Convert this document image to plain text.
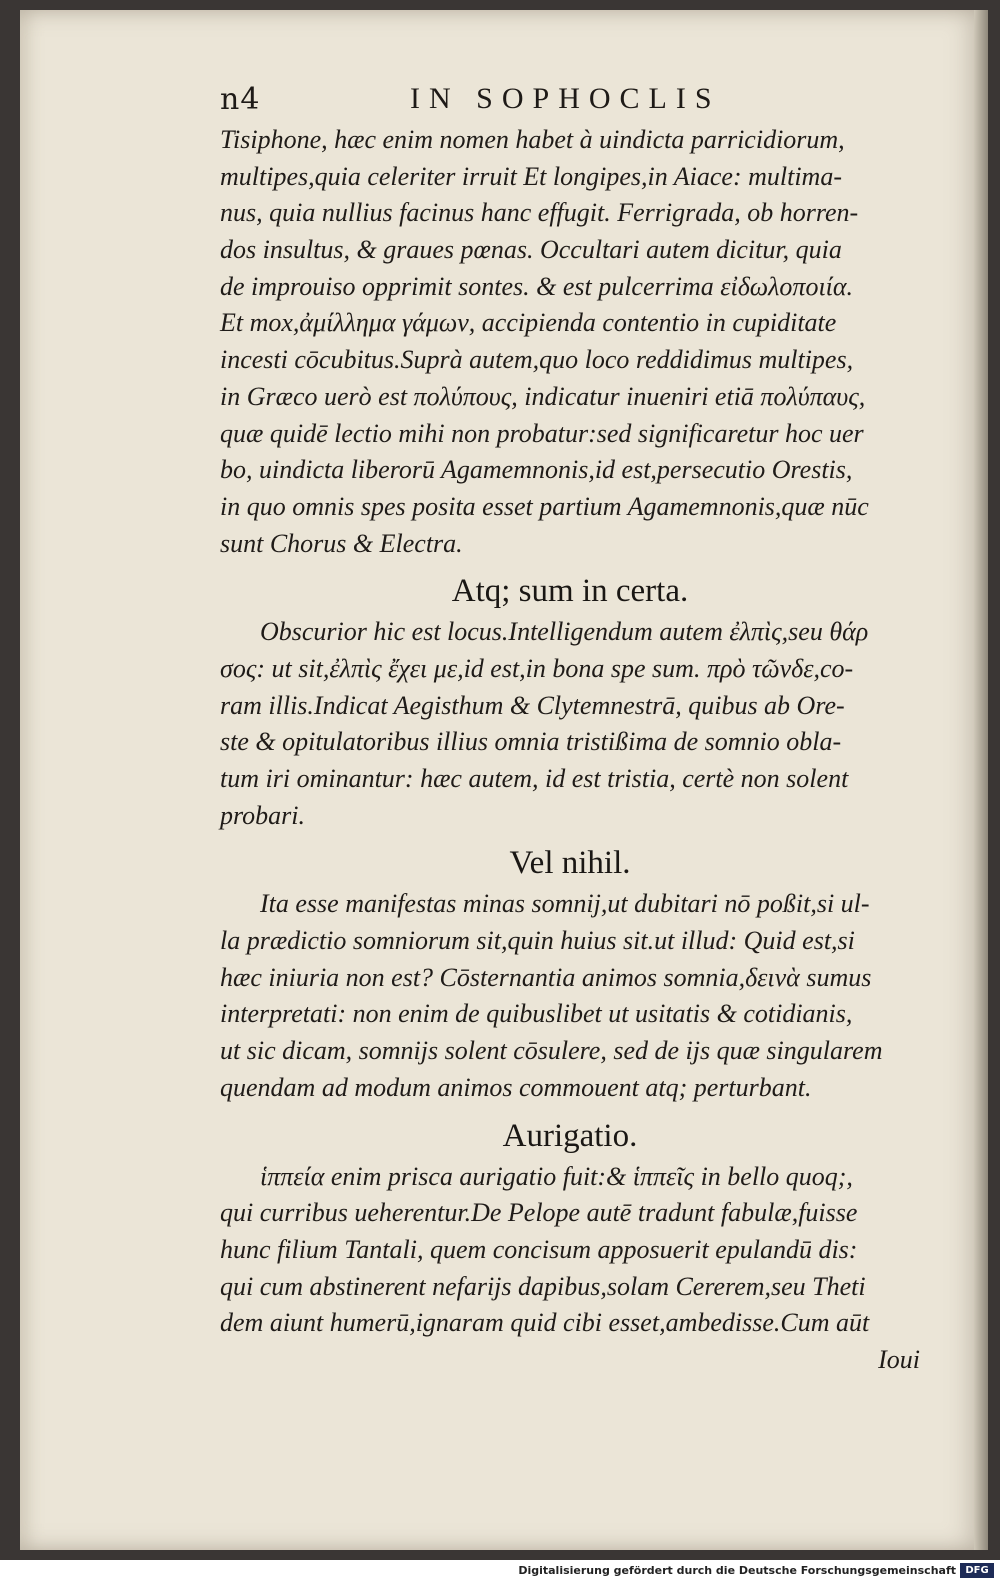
n4	IN SOPHOCLIS
Tisiphone, hæc enim nomen habet à uindicta parricidiorum,
multipes,quia celeriter irruit Et longipes,in Aiace: multima-
nus, quia nullius facinus hanc effugit. Ferrigrada, ob horren-
dos insultus, & graues pœnas. Occultari autem dicitur, quia
de improuiso opprimit sontes. & est pulcerrima εἰδωλοποιία.
Et mox,ἀμίλλημα γάμων, accipienda contentio in cupiditate
incesti cōcubitus.Suprà autem,quo loco reddidimus multipes,
in Græco uerò est πολύπους, indicatur inueniri etiā πολύπαυς,
quæ quidē lectio mihi non probatur:sed significaretur hoc uer
bo, uindicta liberorū Agamemnonis,id est,persecutio Orestis,
in quo omnis spes posita esset partium Agamemnonis,quæ nūc
sunt Chorus & Electra.
Atq; sum in certa.
Obscurior hic est locus.Intelligendum autem ἐλπὶς,seu θάρ
σος: ut sit,ἐλπὶς ἔχει με,id est,in bona spe sum. πρὸ τῶνδε,co-
ram illis.Indicat Aegisthum & Clytemnestrā, quibus ab Ore-
ste & opitulatoribus illius omnia tristißima de somnio obla-
tum iri ominantur: hæc autem, id est tristia, certè non solent
probari.
Vel nihil.
Ita esse manifestas minas somnij,ut dubitari nō poßit,si ul-
la prædictio somniorum sit,quin huius sit.ut illud: Quid est,si
hæc iniuria non est? Cōsternantia animos somnia,δεινὰ sumus
interpretati: non enim de quibuslibet ut usitatis & cotidianis,
ut sic dicam, somnijs solent cōsulere, sed de ijs quæ singularem
quendam ad modum animos commouent atq; perturbant.
Aurigatio.
ἱππεία enim prisca aurigatio fuit:& ἱππεῖς in bello quoq;,
qui curribus ueherentur.De Pelope autē tradunt fabulæ,fuisse
hunc filium Tantali, quem concisum apposuerit epulandū dis:
qui cum abstinerent nefarijs dapibus,solam Cererem,seu Theti
dem aiunt humerū,ignaram quid cibi esset,ambedisse.Cum aūt
Ioui
Digitalisierung gefördert durch die Deutsche Forschungsgemeinschaft DFG
